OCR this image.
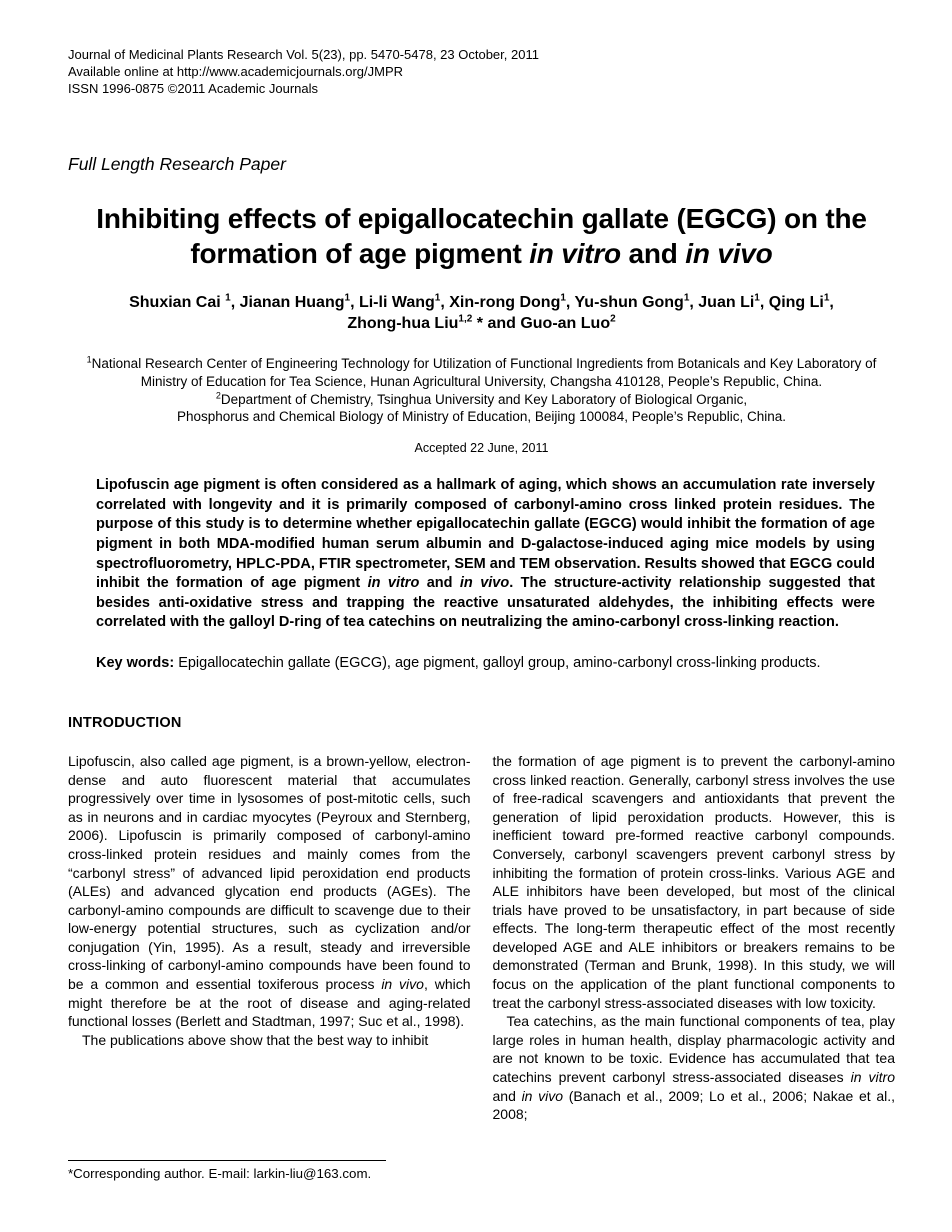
Journal of Medicinal Plants Research Vol. 5(23), pp. 5470-5478, 23 October, 2011
Available online at http://www.academicjournals.org/JMPR
ISSN 1996-0875 ©2011 Academic Journals
Full Length Research Paper
Inhibiting effects of epigallocatechin gallate (EGCG) on the formation of age pigment in vitro and in vivo
Shuxian Cai $^1$, Jianan Huang$^1$, Li-li Wang$^1$, Xin-rong Dong$^1$, Yu-shun Gong$^1$, Juan Li$^1$, Qing Li$^1$,
Zhong-hua Liu$^{1,2}$ * and Guo-an Luo$^2$
$^1$National Research Center of Engineering Technology for Utilization of Functional Ingredients from Botanicals and Key Laboratory of Ministry of Education for Tea Science, Hunan Agricultural University, Changsha 410128, People’s Republic, China.
$^2$Department of Chemistry, Tsinghua University and Key Laboratory of Biological Organic,
Phosphorus and Chemical Biology of Ministry of Education, Beijing 100084, People’s Republic, China.
Accepted 22 June, 2011
Lipofuscin age pigment is often considered as a hallmark of aging, which shows an accumulation rate inversely correlated with longevity and it is primarily composed of carbonyl-amino cross linked protein residues. The purpose of this study is to determine whether epigallocatechin gallate (EGCG) would inhibit the formation of age pigment in both MDA-modified human serum albumin and D-galactose-induced aging mice models by using spectrofluorometry, HPLC-PDA, FTIR spectrometer, SEM and TEM observation. Results showed that EGCG could inhibit the formation of age pigment in vitro and in vivo. The structure-activity relationship suggested that besides anti-oxidative stress and trapping the reactive unsaturated aldehydes, the inhibiting effects were correlated with the galloyl D-ring of tea catechins on neutralizing the amino-carbonyl cross-linking reaction.
Key words: Epigallocatechin gallate (EGCG), age pigment, galloyl group, amino-carbonyl cross-linking products.
INTRODUCTION

Lipofuscin, also called age pigment, is a brown-yellow, electron-dense and auto fluorescent material that accumulates progressively over time in lysosomes of post-mitotic cells, such as in neurons and in cardiac myocytes (Peyroux and Sternberg, 2006). Lipofuscin is primarily composed of carbonyl-amino cross-linked protein residues and mainly comes from the “carbonyl stress” of advanced lipid peroxidation end products (ALEs) and advanced glycation end products (AGEs). The carbonyl-amino compounds are difficult to scavenge due to their low-energy potential structures, such as cyclization and/or conjugation (Yin, 1995). As a result, steady and irreversible cross-linking of carbonyl-amino compounds have been found to be a common and essential toxiferous process in vivo, which might therefore be at the root of disease and aging-related functional losses (Berlett and Stadtman, 1997; Suc et al., 1998).

The publications above show that the best way to inhibit

*Corresponding author. E-mail: larkin-liu@163.com.

the formation of age pigment is to prevent the carbonyl-amino cross linked reaction. Generally, carbonyl stress involves the use of free-radical scavengers and antioxidants that prevent the generation of lipid peroxidation products. However, this is inefficient toward pre-formed reactive carbonyl compounds. Conversely, carbonyl scavengers prevent carbonyl stress by inhibiting the formation of protein cross-links. Various AGE and ALE inhibitors have been developed, but most of the clinical trials have proved to be unsatisfactory, in part because of side effects. The long-term therapeutic effect of the most recently developed AGE and ALE inhibitors or breakers remains to be demonstrated (Terman and Brunk, 1998). In this study, we will focus on the application of the plant functional components to treat the carbonyl stress-associated diseases with low toxicity.

Tea catechins, as the main functional components of tea, play large roles in human health, display pharmacologic activity and are not known to be toxic. Evidence has accumulated that tea catechins prevent carbonyl stress-associated diseases in vitro and in vivo (Banach et al., 2009; Lo et al., 2006; Nakae et al., 2008;
